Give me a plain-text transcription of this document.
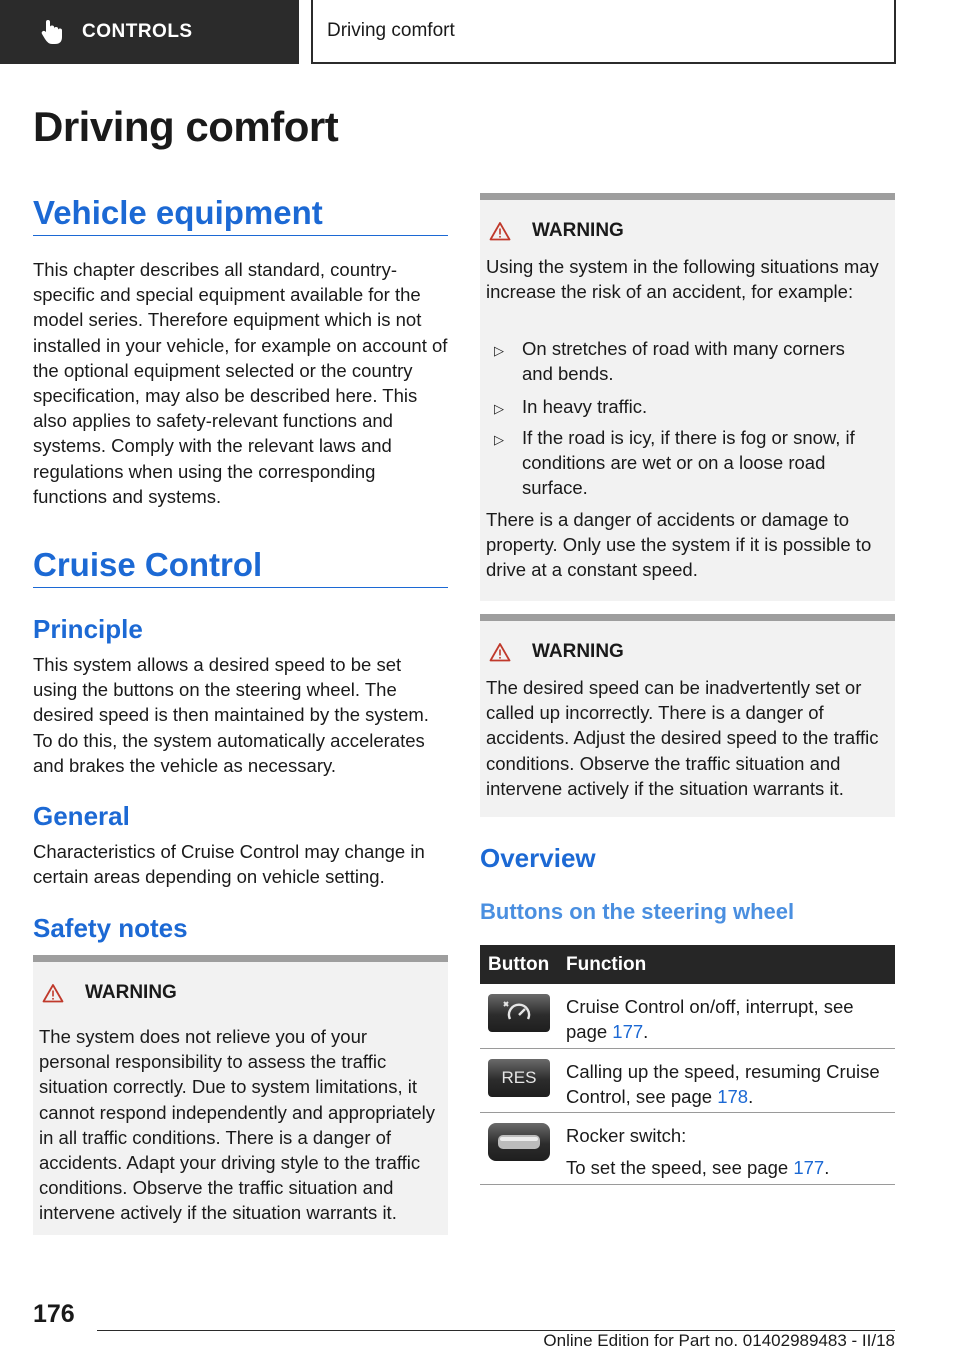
CONTROLS	Driving comfort
Driving comfort
Vehicle equipment
This chapter describes all standard, country-specific and special equipment available for the model series. Therefore equipment which is not installed in your vehicle, for example on account of the optional equipment selected or the country specification, may also be described here. This also applies to safety-relevant functions and systems. Comply with the relevant laws and regulations when using the corresponding functions and systems.
Cruise Control
Principle
This system allows a desired speed to be set using the buttons on the steering wheel. The desired speed is then maintained by the system. To do this, the system automatically accelerates and brakes the vehicle as necessary.
General
Characteristics of Cruise Control may change in certain areas depending on vehicle setting.
Safety notes
WARNING
The system does not relieve you of your personal responsibility to assess the traffic situation correctly. Due to system limitations, it cannot respond independently and appropriately in all traffic conditions. There is a danger of accidents. Adapt your driving style to the traffic conditions. Observe the traffic situation and intervene actively if the situation warrants it.
WARNING
Using the system in the following situations may increase the risk of an accident, for example:
▷ On stretches of road with many corners and bends.
▷ In heavy traffic.
▷ If the road is icy, if there is fog or snow, if conditions are wet or on a loose road surface.
There is a danger of accidents or damage to property. Only use the system if it is possible to drive at a constant speed.
WARNING
The desired speed can be inadvertently set or called up incorrectly. There is a danger of accidents. Adjust the desired speed to the traffic conditions. Observe the traffic situation and intervene actively if the situation warrants it.
Overview
Buttons on the steering wheel
Button Function
Cruise Control on/off, interrupt, see page 177.
RES Calling up the speed, resuming Cruise Control, see page 178.
Rocker switch:
To set the speed, see page 177.
176
Online Edition for Part no. 01402989483 - II/18
